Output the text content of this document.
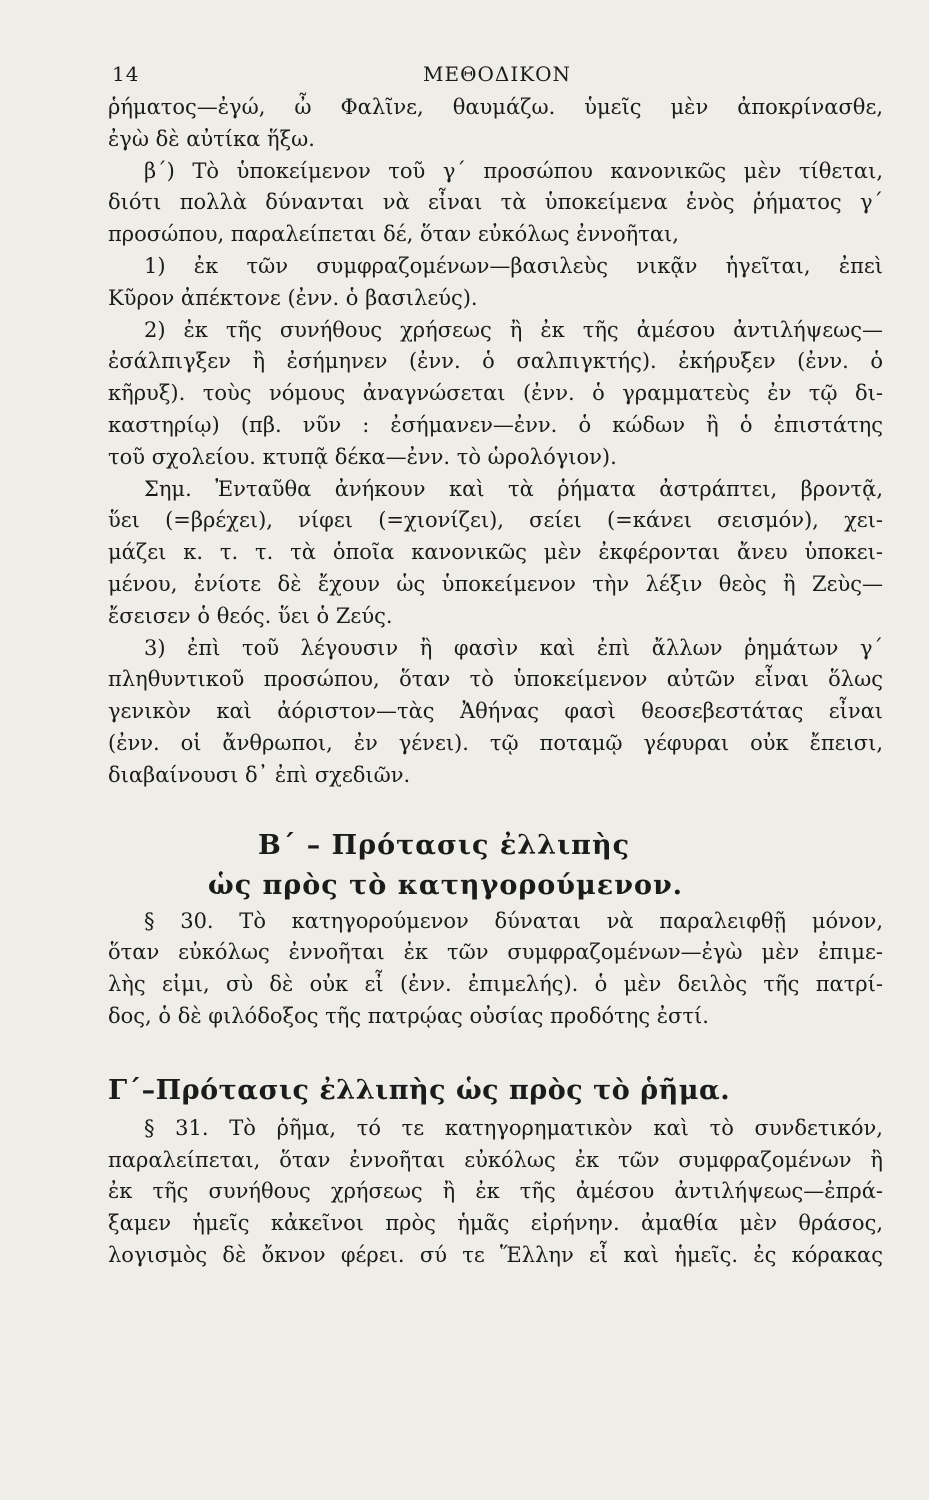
14	ΜΕΘΟΔΙΚΟΝ
ῥήματος—ἐγώ, ὦ Φαλῖνε, θαυμάζω. ὑμεῖς μὲν ἀποκρίνασθε,
ἐγὼ δὲ αὐτίκα ἥξω.
β΄) Τὸ ὑποκείμενον τοῦ γ΄ προσώπου κανονικῶς μὲν τίθεται,
διότι πολλὰ δύνανται νὰ εἶναι τὰ ὑποκείμενα ἑνὸς ῥήματος γ΄
προσώπου, παραλείπεται δέ, ὅταν εὐκόλως ἐννοῆται,
1) ἐκ τῶν συμφραζομένων—βασιλεὺς νικᾷν ἡγεῖται, ἐπεὶ
Κῦρον ἀπέκτονε (ἐνν. ὁ βασιλεύς).
2) ἐκ τῆς συνήθους χρήσεως ἢ ἐκ τῆς ἀμέσου ἀντιλήψεως—
ἐσάλπιγξεν ἢ ἐσήμηνεν (ἐνν. ὁ σαλπιγκτής). ἐκήρυξεν (ἐνν. ὁ
κῆρυξ). τοὺς νόμους ἀναγνώσεται (ἐνν. ὁ γραμματεὺς ἐν τῷ δι-
καστηρίῳ) (πβ. νῦν : ἐσήμανεν—ἐνν. ὁ κώδων ἢ ὁ ἐπιστάτης
τοῦ σχολείου. κτυπᾷ δέκα—ἐνν. τὸ ὡρολόγιον).
Σημ. Ἐνταῦθα ἀνήκουν καὶ τὰ ῥήματα ἀστράπτει, βροντᾷ,
ὕει (=βρέχει), νίφει (=χιονίζει), σείει (=κάνει σεισμόν), χει-
μάζει κ. τ. τ. τὰ ὁποῖα κανονικῶς μὲν ἐκφέρονται ἄνευ ὑποκει-
μένου, ἐνίοτε δὲ ἔχουν ὡς ὑποκείμενον τὴν λέξιν θεὸς ἢ Ζεὺς—
ἔσεισεν ὁ θεός. ὕει ὁ Ζεύς.
3) ἐπὶ τοῦ λέγουσιν ἢ φασὶν καὶ ἐπὶ ἄλλων ῥημάτων γ΄
πληθυντικοῦ προσώπου, ὅταν τὸ ὑποκείμενον αὐτῶν εἶναι ὅλως
γενικὸν καὶ ἀόριστον—τὰς Ἀθήνας φασὶ θεοσεβεστάτας εἶναι
(ἐνν. οἱ ἄνθρωποι, ἐν γένει). τῷ ποταμῷ γέφυραι οὐκ ἔπεισι,
διαβαίνουσι δ᾽ ἐπὶ σχεδιῶν.
Β΄ – Πρότασις ἐλλιπὴς
ὡς πρὸς τὸ κατηγορούμενον.
§ 30. Τὸ κατηγορούμενον δύναται νὰ παραλειφθῇ μόνον,
ὅταν εὐκόλως ἐννοῆται ἐκ τῶν συμφραζομένων—ἐγὼ μὲν ἐπιμε-
λὴς εἰμι, σὺ δὲ οὐκ εἶ (ἐνν. ἐπιμελής). ὁ μὲν δειλὸς τῆς πατρί-
δος, ὁ δὲ φιλόδοξος τῆς πατρῴας οὐσίας προδότης ἐστί.
Γ΄–Πρότασις ἐλλιπὴς ὡς πρὸς τὸ ῥῆμα.
§ 31. Τὸ ῥῆμα, τό τε κατηγορηματικὸν καὶ τὸ συνδετικόν,
παραλείπεται, ὅταν ἐννοῆται εὐκόλως ἐκ τῶν συμφραζομένων ἢ
ἐκ τῆς συνήθους χρήσεως ἢ ἐκ τῆς ἀμέσου ἀντιλήψεως—ἐπρά-
ξαμεν ἡμεῖς κἀκεῖνοι πρὸς ἡμᾶς εἰρήνην. ἀμαθία μὲν θράσος,
λογισμὸς δὲ ὄκνον φέρει. σύ τε Ἕλλην εἶ καὶ ἡμεῖς. ἐς κόρακας
